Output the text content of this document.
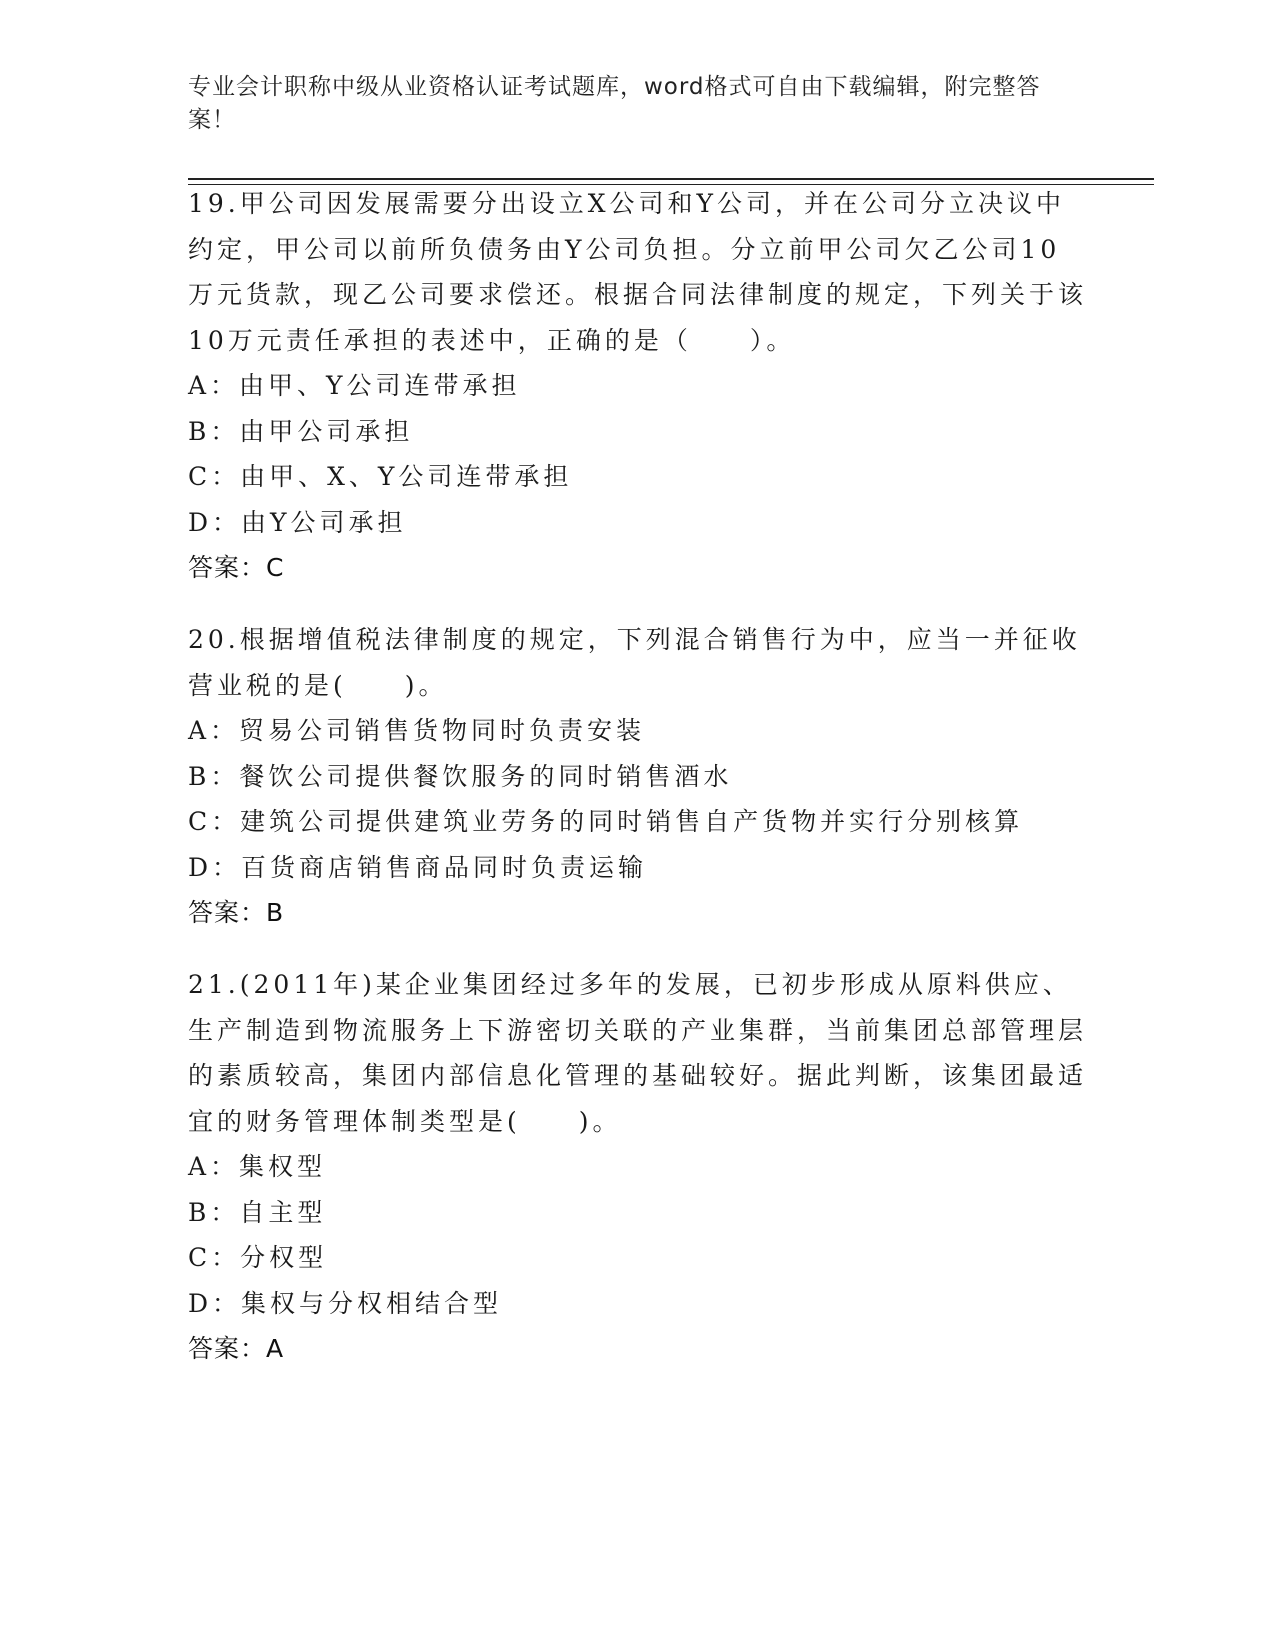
专业会计职称中级从业资格认证考试题库，word格式可自由下载编辑，附完整答案！

19.甲公司因发展需要分出设立X公司和Y公司，并在公司分立决议中约定，甲公司以前所负债务由Y公司负担。分立前甲公司欠乙公司10万元货款，现乙公司要求偿还。根据合同法律制度的规定，下列关于该10万元责任承担的表述中，正确的是（　　）。

A：由甲、Y公司连带承担

B：由甲公司承担

C：由甲、X、Y公司连带承担

D：由Y公司承担

答案：C

20.根据增值税法律制度的规定，下列混合销售行为中，应当一并征收营业税的是(　　)。

A：贸易公司销售货物同时负责安装

B：餐饮公司提供餐饮服务的同时销售酒水

C：建筑公司提供建筑业劳务的同时销售自产货物并实行分别核算

D：百货商店销售商品同时负责运输

答案：B

21.(2011年)某企业集团经过多年的发展，已初步形成从原料供应、生产制造到物流服务上下游密切关联的产业集群，当前集团总部管理层的素质较高，集团内部信息化管理的基础较好。据此判断，该集团最适宜的财务管理体制类型是(　　)。

A：集权型

B：自主型

C：分权型

D：集权与分权相结合型

答案：A
